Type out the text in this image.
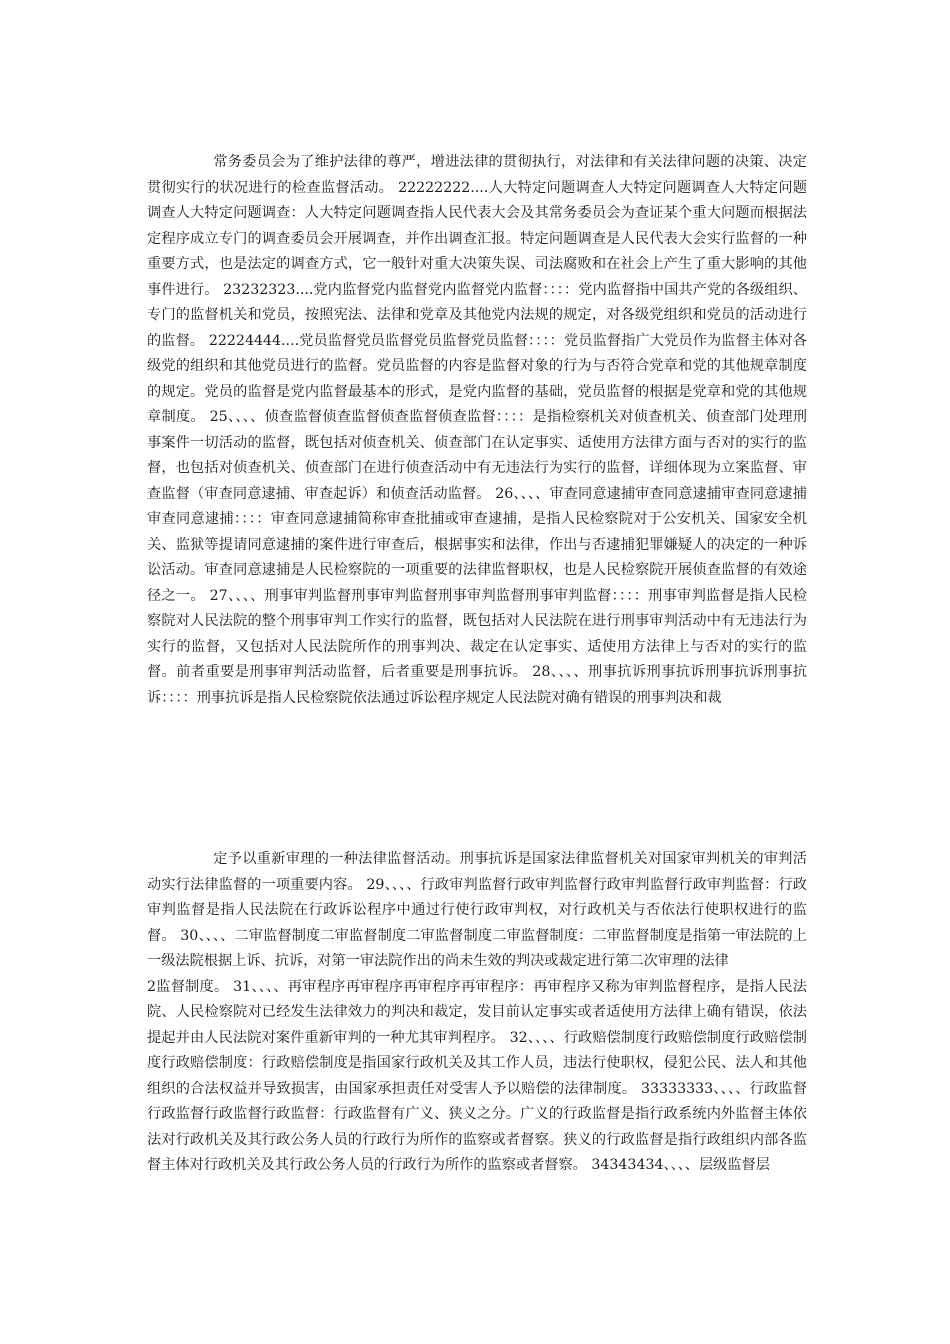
常务委员会为了维护法律的尊严，增进法律的贯彻执行，对法律和有关法律问题的决策、决定贯彻实行的状况进行的检查监督活动。 22222222....人大特定问题调查人大特定问题调查人大特定问题调查人大特定问题调查：人大特定问题调查指人民代表大会及其常务委员会为查证某个重大问题而根据法定程序成立专门的调查委员会开展调查，并作出调查汇报。特定问题调查是人民代表大会实行监督的一种重要方式，也是法定的调查方式，它一般针对重大决策失误、司法腐败和在社会上产生了重大影响的其他事件进行。 23232323....党内监督党内监督党内监督党内监督：：：：党内监督指中国共产党的各级组织、专门的监督机关和党员，按照宪法、法律和党章及其他党内法规的规定，对各级党组织和党员的活动进行的监督。 22224444....党员监督党员监督党员监督党员监督：：：：党员监督指广大党员作为监督主体对各级党的组织和其他党员进行的监督。党员监督的内容是监督对象的行为与否符合党章和党的其他规章制度的规定。党员的监督是党内监督最基本的形式，是党内监督的基础，党员监督的根据是党章和党的其他规章制度。 25、、、、侦查监督侦查监督侦查监督侦查监督：：：：是指检察机关对侦查机关、侦查部门处理刑事案件一切活动的监督，既包括对侦查机关、侦查部门在认定事实、适使用方法律方面与否对的实行的监督，也包括对侦查机关、侦查部门在进行侦查活动中有无违法行为实行的监督，详细体现为立案监督、审查监督（审查同意逮捕、审查起诉）和侦查活动监督。 26、、、、审查同意逮捕审查同意逮捕审查同意逮捕审查同意逮捕：：：：审查同意逮捕简称审查批捕或审查逮捕，是指人民检察院对于公安机关、国家安全机关、监狱等提请同意逮捕的案件进行审查后，根据事实和法律，作出与否逮捕犯罪嫌疑人的决定的一种诉讼活动。审查同意逮捕是人民检察院的一项重要的法律监督职权，也是人民检察院开展侦查监督的有效途径之一。 27、、、、刑事审判监督刑事审判监督刑事审判监督刑事审判监督：：：：刑事审判监督是指人民检察院对人民法院的整个刑事审判工作实行的监督，既包括对人民法院在进行刑事审判活动中有无违法行为实行的监督，又包括对人民法院所作的刑事判决、裁定在认定事实、适使用方法律上与否对的实行的监督。前者重要是刑事审判活动监督，后者重要是刑事抗诉。 28、、、、刑事抗诉刑事抗诉刑事抗诉刑事抗诉：：：：刑事抗诉是指人民检察院依法通过诉讼程序规定人民法院对确有错误的刑事判决和裁

定予以重新审理的一种法律监督活动。刑事抗诉是国家法律监督机关对国家审判机关的审判活动实行法律监督的一项重要内容。 29、、、、行政审判监督行政审判监督行政审判监督行政审判监督：行政审判监督是指人民法院在行政诉讼程序中通过行使行政审判权，对行政机关与否依法行使职权进行的监督。 30、、、、二审监督制度二审监督制度二审监督制度二审监督制度：二审监督制度是指第一审法院的上一级法院根据上诉、抗诉，对第一审法院作出的尚未生效的判决或裁定进行第二次审理的法律
2监督制度。 31、、、、再审程序再审程序再审程序再审程序：再审程序又称为审判监督程序，是指人民法院、人民检察院对已经发生法律效力的判决和裁定，发目前认定事实或者适使用方法律上确有错误，依法提起并由人民法院对案件重新审判的一种尤其审判程序。 32、、、、行政赔偿制度行政赔偿制度行政赔偿制度行政赔偿制度：行政赔偿制度是指国家行政机关及其工作人员，违法行使职权，侵犯公民、法人和其他组织的合法权益并导致损害，由国家承担责任对受害人予以赔偿的法律制度。 33333333、、、、行政监督行政监督行政监督行政监督：行政监督有广义、狭义之分。广义的行政监督是指行政系统内外监督主体依法对行政机关及其行政公务人员的行政行为所作的监察或者督察。狭义的行政监督是指行政组织内部各监督主体对行政机关及其行政公务人员的行政行为所作的监察或者督察。 34343434、、、、层级监督层
